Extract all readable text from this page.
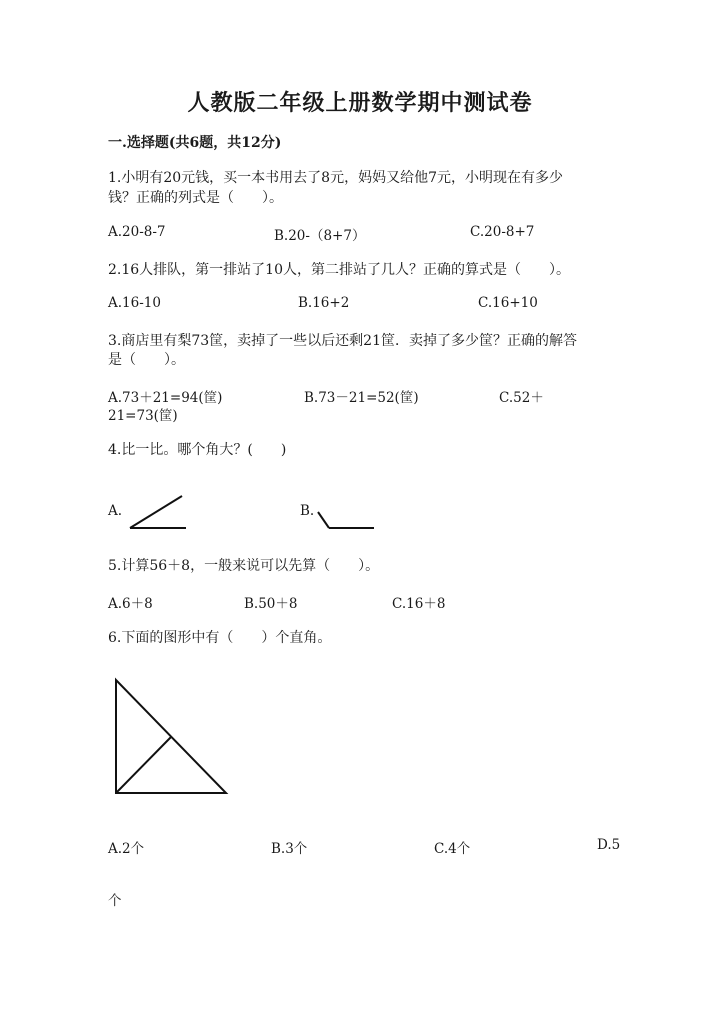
人教版二年级上册数学期中测试卷
一.选择题(共6题，共12分)
1.小明有20元钱，买一本书用去了8元，妈妈又给他7元，小明现在有多少
钱？正确的列式是（　　）。
A.20-8-7	B.20-（8+7）	C.20-8+7
2.16人排队，第一排站了10人，第二排站了几人？正确的算式是（　　）。
A.16-10	B.16+2	C.16+10
3.商店里有梨73筐，卖掉了一些以后还剩21筐．卖掉了多少筐？正确的解答
是（　　）。
A.73＋21=94(筐)	B.73－21=52(筐)	C.52＋
21=73(筐)
4.比一比。哪个角大？(　　)
A.	B.
5.计算56＋8，一般来说可以先算（　　）。
A.6＋8	B.50＋8	C.16＋8
6.下面的图形中有（　　）个直角。
A.2个	B.3个	C.4个	D.5
个
